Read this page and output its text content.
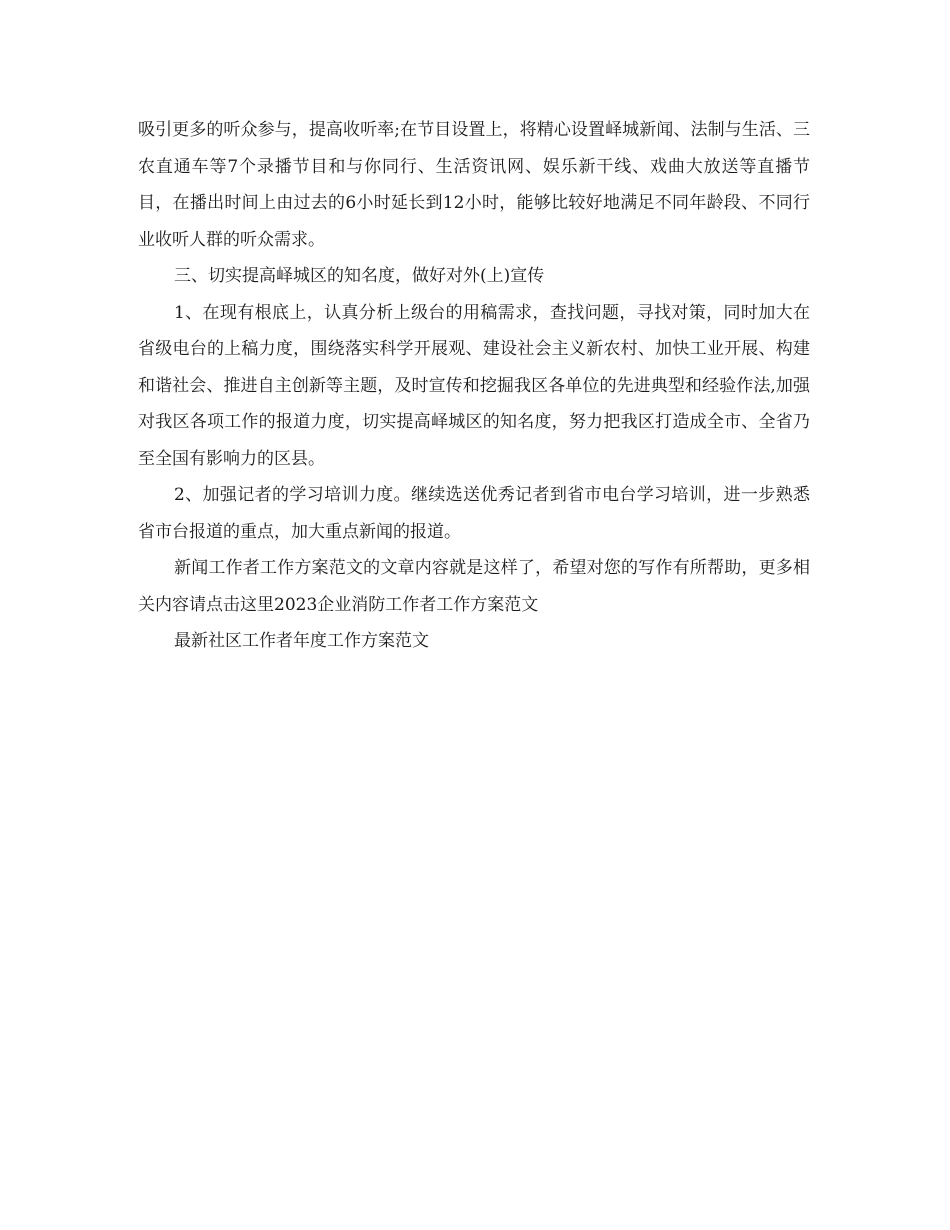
吸引更多的听众参与，提高收听率;在节目设置上，将精心设置峄城新闻、法制与生活、三农直通车等7个录播节目和与你同行、生活资讯网、娱乐新干线、戏曲大放送等直播节目，在播出时间上由过去的6小时延长到12小时，能够比较好地满足不同年龄段、不同行业收听人群的听众需求。

三、切实提高峄城区的知名度，做好对外(上)宣传

1、在现有根底上，认真分析上级台的用稿需求，查找问题，寻找对策，同时加大在省级电台的上稿力度，围绕落实科学开展观、建设社会主义新农村、加快工业开展、构建和谐社会、推进自主创新等主题，及时宣传和挖掘我区各单位的先进典型和经验作法,加强对我区各项工作的报道力度，切实提高峄城区的知名度，努力把我区打造成全市、全省乃至全国有影响力的区县。

2、加强记者的学习培训力度。继续选送优秀记者到省市电台学习培训，进一步熟悉省市台报道的重点，加大重点新闻的报道。

新闻工作者工作方案范文的文章内容就是这样了，希望对您的写作有所帮助，更多相关内容请点击这里2023企业消防工作者工作方案范文

最新社区工作者年度工作方案范文
